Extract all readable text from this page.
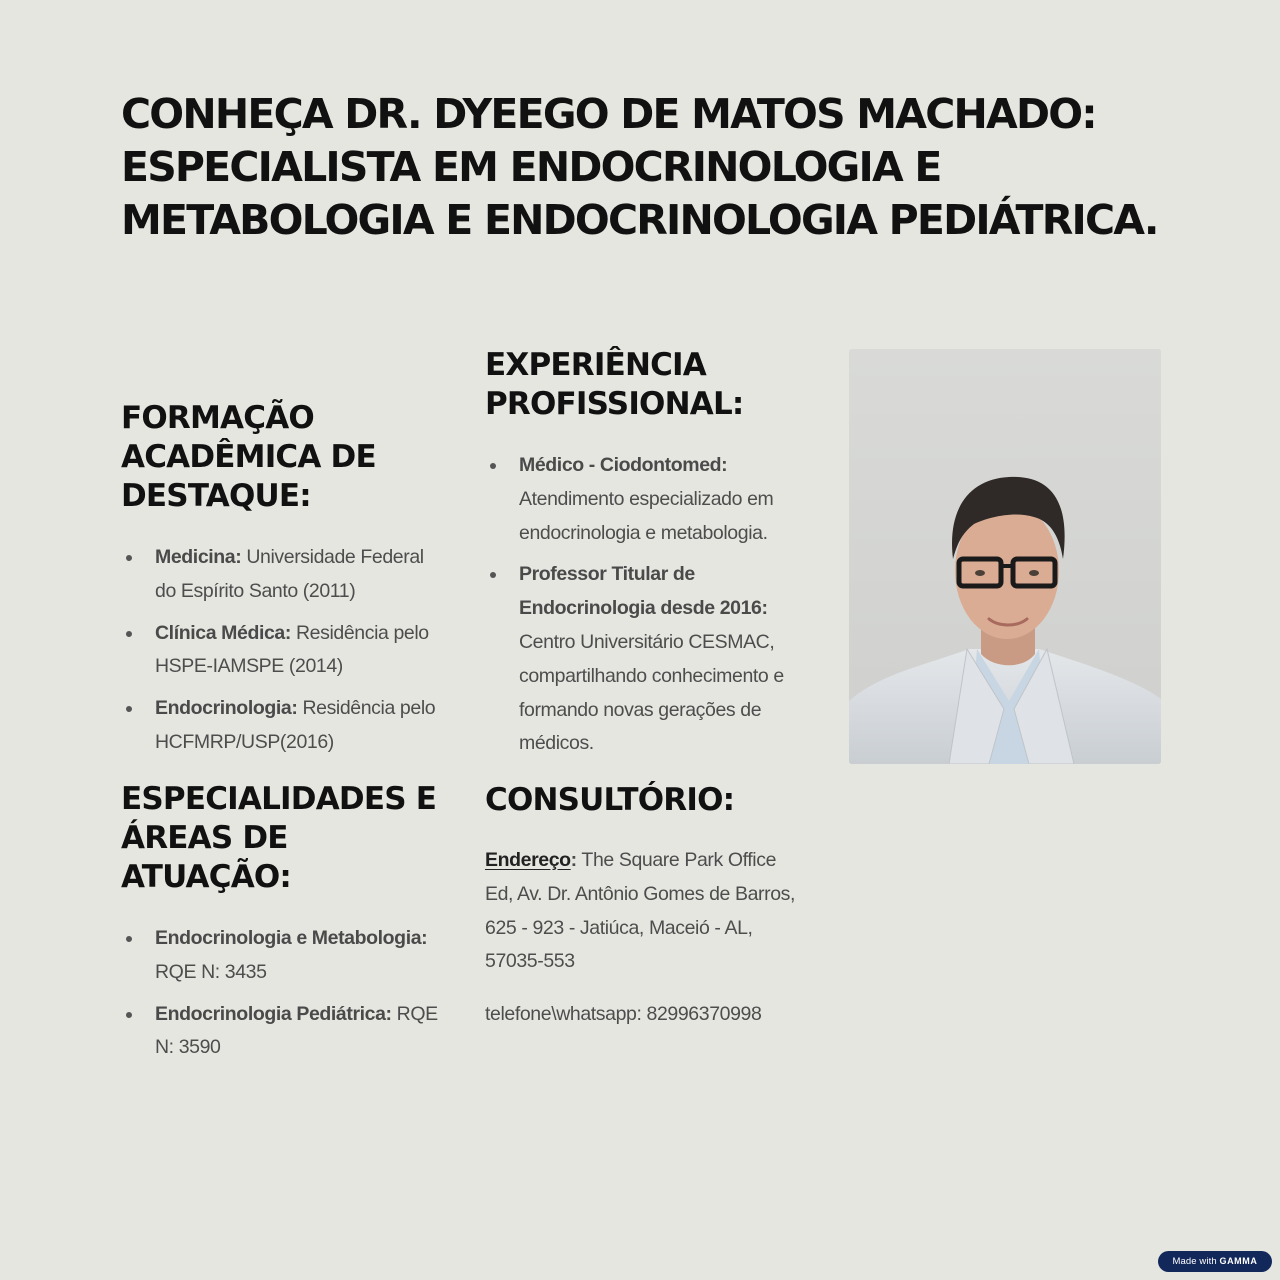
CONHEÇA DR. DYEEGO DE MATOS MACHADO: ESPECIALISTA EM ENDOCRINOLOGIA E METABOLOGIA E ENDOCRINOLOGIA PEDIÁTRICA.
FORMAÇÃO ACADÊMICA DE DESTAQUE:
Medicina: Universidade Federal do Espírito Santo (2011)
Clínica Médica: Residência pelo HSPE-IAMSPE (2014)
Endocrinologia: Residência pelo HCFMRP/USP(2016)
EXPERIÊNCIA PROFISSIONAL:
Médico - Ciodontomed: Atendimento especializado em endocrinologia e metabologia.
Professor Titular de Endocrinologia desde 2016: Centro Universitário CESMAC, compartilhando conhecimento e formando novas gerações de médicos.
ESPECIALIDADES E ÁREAS DE ATUAÇÃO:
Endocrinologia e Metabologia: RQE N: 3435
Endocrinologia Pediátrica: RQE N: 3590
CONSULTÓRIO:

Endereço: The Square Park Office Ed, Av. Dr. Antônio Gomes de Barros, 625 - 923 - Jatiúca, Maceió - AL, 57035-553

telefone\whatsapp: 82996370998

Made with GAMMA
